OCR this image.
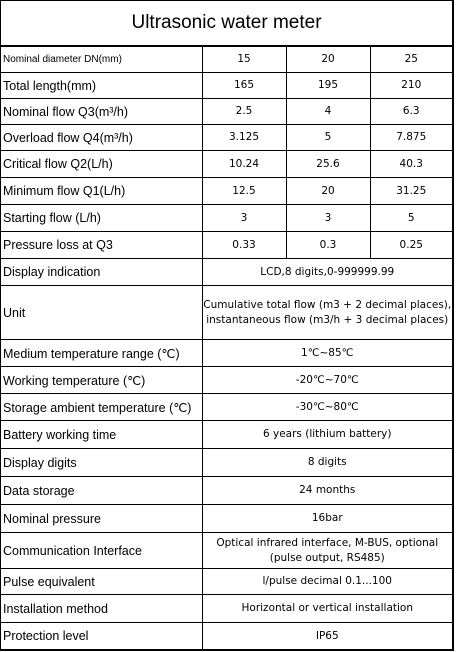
Ultrasonic water meter
Nominal diameter DN(mm)	15	20	25
Total length(mm)	165	195	210
Nominal flow Q3(m³/h)	2.5	4	6.3
Overload flow Q4(m³/h)	3.125	5	7.875
Critical flow Q2(L/h)	10.24	25.6	40.3
Minimum flow Q1(L/h)	12.5	20	31.25
Starting flow (L/h)	3	3	5
Pressure loss at Q3	0.33	0.3	0.25
Display indication	LCD,8 digits,0-999999.99		
Unit	Cumulative total flow (m3 + 2 decimal places),
instantaneous flow (m3/h + 3 decimal places)		

Medium temperature range (℃)	1℃~85℃		
Working temperature (℃)	-20℃~70℃		
Storage ambient temperature (℃)	-30℃~80℃		
Battery working time	6 years (lithium battery)		
Display digits	8 digits		
Data storage	24 months		
Nominal pressure	16bar		
Communication Interface	Optical infrared interface, M-BUS, optional
(pulse output, RS485)		

Pulse equivalent	l/pulse decimal 0.1...100		
Installation method	Horizontal or vertical installation		
Protection level	IP65		
